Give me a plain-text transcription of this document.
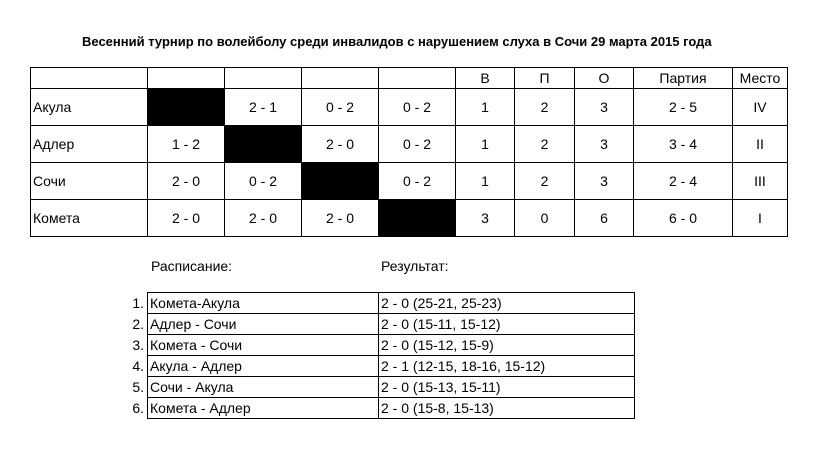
Весенний турнир по волейболу среди инвалидов с нарушением слуха в Сочи 29 марта 2015 года
					В	П	О	Партия	Место
Акула		2 - 1	0 - 2	0 - 2	1	2	3	2 - 5	IV
Адлер	1 - 2		2 - 0	0 - 2	1	2	3	3 - 4	II
Сочи	2 - 0	0 - 2		0 - 2	1	2	3	2 - 4	III
Комета	2 - 0	2 - 0	2 - 0		3	0	6	6 - 0	I
Расписание:	Результат:
1.	Комета-Акула	2 - 0 (25-21, 25-23)
2.	Адлер - Сочи	2 - 0 (15-11, 15-12)
3.	Комета - Сочи	2 - 0 (15-12, 15-9)
4.	Акула - Адлер	2 - 1 (12-15, 18-16, 15-12)
5.	Сочи - Акула	2 - 0 (15-13, 15-11)
6.	Комета - Адлер	2 - 0 (15-8, 15-13)
